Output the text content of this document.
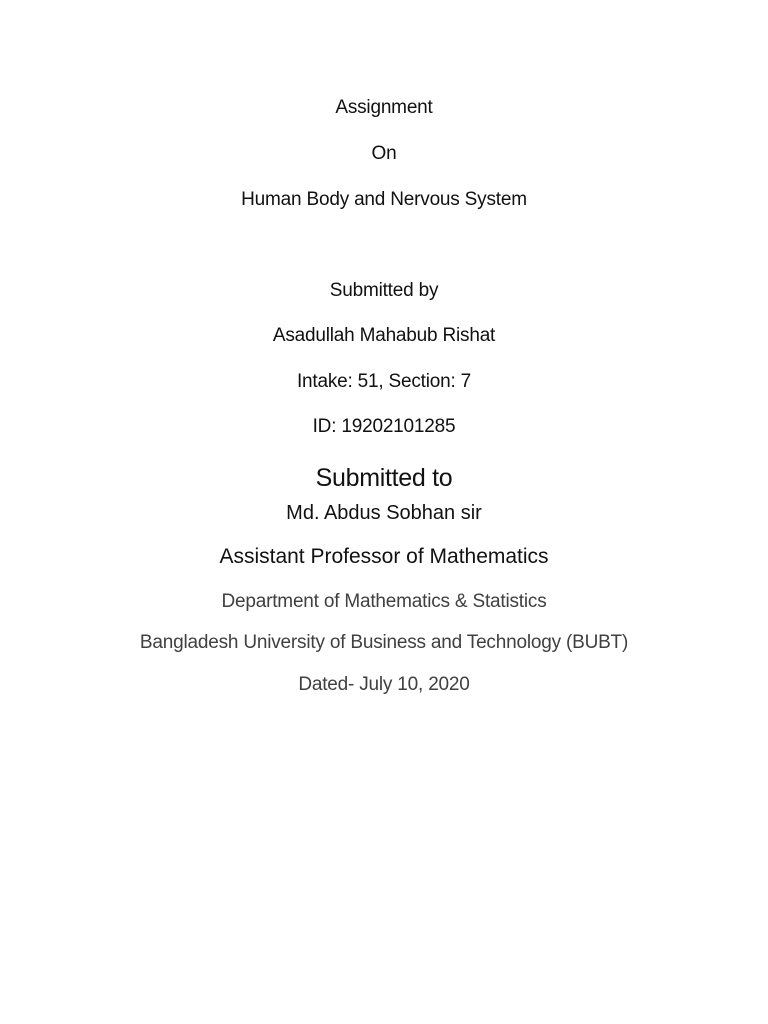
Assignment
On
Human Body and Nervous System
Submitted by
Asadullah Mahabub Rishat
Intake: 51, Section: 7
ID: 19202101285
Submitted to
Md. Abdus Sobhan sir
Assistant Professor of Mathematics
Department of Mathematics & Statistics
Bangladesh University of Business and Technology (BUBT)
Dated- July 10, 2020
